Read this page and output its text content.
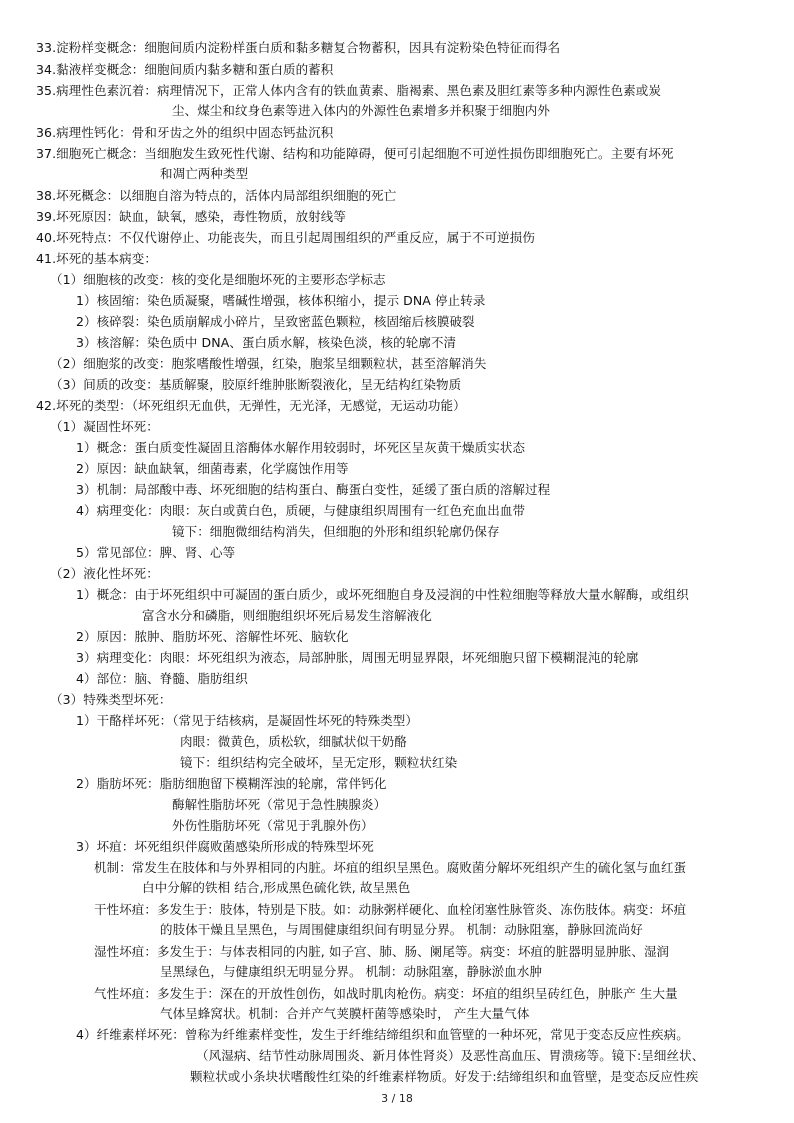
33.淀粉样变概念：细胞间质内淀粉样蛋白质和黏多糖复合物蓄积，因具有淀粉染色特征而得名
34.黏液样变概念：细胞间质内黏多糖和蛋白质的蓄积
35.病理性色素沉着：病理情况下，正常人体内含有的铁血黄素、脂褐素、黑色素及胆红素等多种内源性色素或炭
尘、煤尘和纹身色素等进入体内的外源性色素增多并积聚于细胞内外
36.病理性钙化：骨和牙齿之外的组织中固态钙盐沉积
37.细胞死亡概念：当细胞发生致死性代谢、结构和功能障碍，便可引起细胞不可逆性损伤即细胞死亡。主要有坏死
和凋亡两种类型
38.坏死概念：以细胞自溶为特点的，活体内局部组织细胞的死亡
39.坏死原因：缺血，缺氧，感染，毒性物质，放射线等
40.坏死特点：不仅代谢停止、功能丧失，而且引起周围组织的严重反应，属于不可逆损伤
41.坏死的基本病变：
（1）细胞核的改变：核的变化是细胞坏死的主要形态学标志
1）核固缩：染色质凝聚，嗜碱性增强，核体积缩小，提示 DNA 停止转录
2）核碎裂：染色质崩解成小碎片，呈致密蓝色颗粒，核固缩后核膜破裂
3）核溶解：染色质中 DNA、蛋白质水解，核染色淡，核的轮廓不清
（2）细胞浆的改变：胞浆嗜酸性增强，红染，胞浆呈细颗粒状，甚至溶解消失
（3）间质的改变：基质解聚，胶原纤维肿胀断裂液化，呈无结构红染物质
42.坏死的类型：（坏死组织无血供，无弹性，无光泽，无感觉，无运动功能）
（1）凝固性坏死：
1）概念：蛋白质变性凝固且溶酶体水解作用较弱时，坏死区呈灰黄干燥质实状态
2）原因：缺血缺氧，细菌毒素，化学腐蚀作用等
3）机制：局部酸中毒、坏死细胞的结构蛋白、酶蛋白变性，延缓了蛋白质的溶解过程
4）病理变化：肉眼：灰白或黄白色，质硬，与健康组织周围有一红色充血出血带
镜下：细胞微细结构消失，但细胞的外形和组织轮廓仍保存
5）常见部位：脾、肾、心等
（2）液化性坏死：
1）概念：由于坏死组织中可凝固的蛋白质少，或坏死细胞自身及浸润的中性粒细胞等释放大量水解酶，或组织
富含水分和磷脂，则细胞组织坏死后易发生溶解液化
2）原因：脓肿、脂肪坏死、溶解性坏死、脑软化
3）病理变化：肉眼：坏死组织为液态，局部肿胀，周围无明显界限，坏死细胞只留下模糊混沌的轮廓
4）部位：脑、脊髓、脂肪组织
（3）特殊类型坏死：
1）干酪样坏死：（常见于结核病，是凝固性坏死的特殊类型）
肉眼：微黄色，质松软，细腻状似干奶酪
镜下：组织结构完全破坏，呈无定形，颗粒状红染
2）脂肪坏死：脂肪细胞留下模糊浑浊的轮廓，常伴钙化
酶解性脂肪坏死（常见于急性胰腺炎）
外伤性脂肪坏死（常见于乳腺外伤）
3）坏疽：坏死组织伴腐败菌感染所形成的特殊型坏死
机制：常发生在肢体和与外界相同的内脏。坏疽的组织呈黑色。腐败菌分解坏死组织产生的硫化氢与血红蛋
白中分解的铁相 结合,形成黑色硫化铁, 故呈黑色
干性坏疽：多发生于：肢体，特别是下肢。如：动脉粥样硬化、血栓闭塞性脉管炎、冻伤肢体。病变：坏疽
的肢体干燥且呈黑色，与周围健康组织间有明显分界。 机制：动脉阻塞，静脉回流尚好
湿性坏疽：多发生于：与体表相同的内脏, 如子宫、肺、肠、阑尾等。病变：坏疽的脏器明显肿胀、湿润
呈黑绿色，与健康组织无明显分界。 机制：动脉阻塞，静脉淤血水肿
气性坏疽：多发生于：深在的开放性创伤，如战时肌肉枪伤。病变：坏疽的组织呈砖红色，肿胀产 生大量
气体呈蜂窝状。机制：合并产气荚膜杆菌等感染时， 产生大量气体
4）纤维素样坏死：曾称为纤维素样变性，发生于纤维结缔组织和血管壁的一种坏死，常见于变态反应性疾病。
（风湿病、结节性动脉周围炎、新月体性肾炎）及恶性高血压、胃溃疡等。镜下:呈细丝状、
颗粒状或小条块状嗜酸性红染的纤维素样物质。好发于:结缔组织和血管壁，是变态反应性疾
3 / 18
